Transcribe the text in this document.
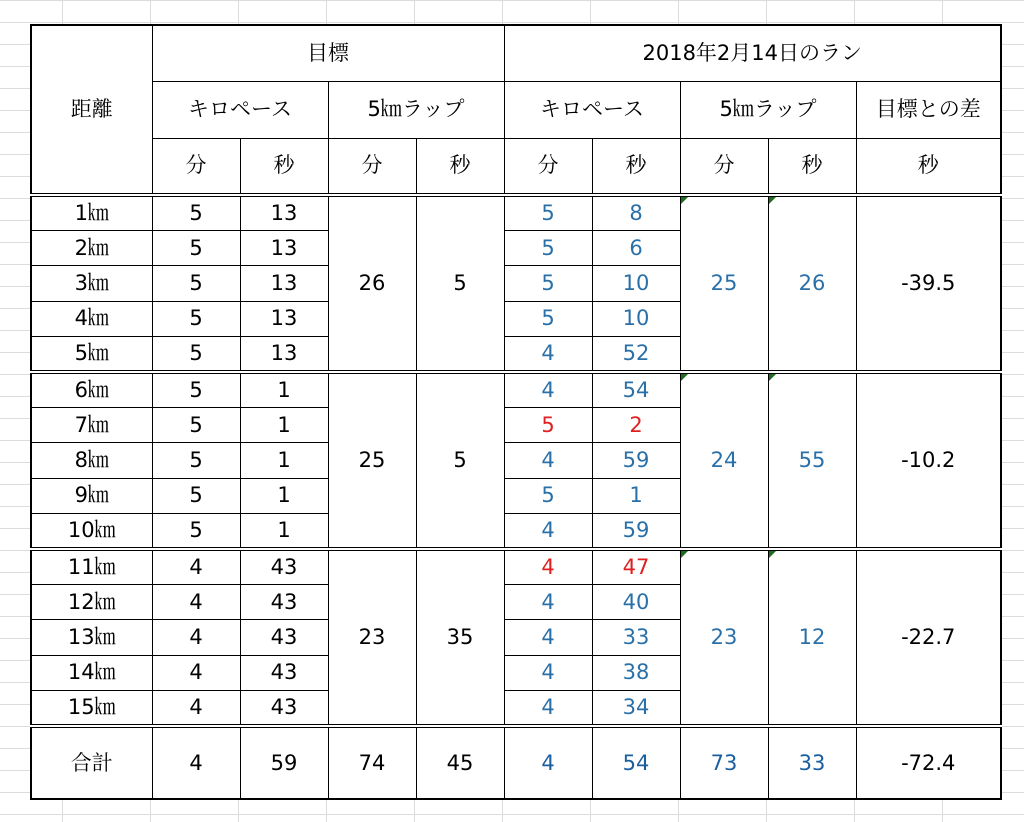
距離	目標				2018年2月14日のラン				
	キロペース		5㎞ラップ		キロペース		5㎞ラップ		目標との差
	分	秒	分	秒	分	秒	分	秒	秒
1㎞	5	13	26	5	5	8	25	26	-39.5
2㎞	5	13			5	6			
3㎞	5	13			5	10			
4㎞	5	13			5	10			
5㎞	5	13			4	52			
6㎞	5	1	25	5	4	54	24	55	-10.2
7㎞	5	1			5	2			
8㎞	5	1			4	59			
9㎞	5	1			5	1			
10㎞	5	1			4	59			
11㎞	4	43	23	35	4	47	23	12	-22.7
12㎞	4	43			4	40			
13㎞	4	43			4	33			
14㎞	4	43			4	38			
15㎞	4	43			4	34			
合計	4	59	74	45	4	54	73	33	-72.4
